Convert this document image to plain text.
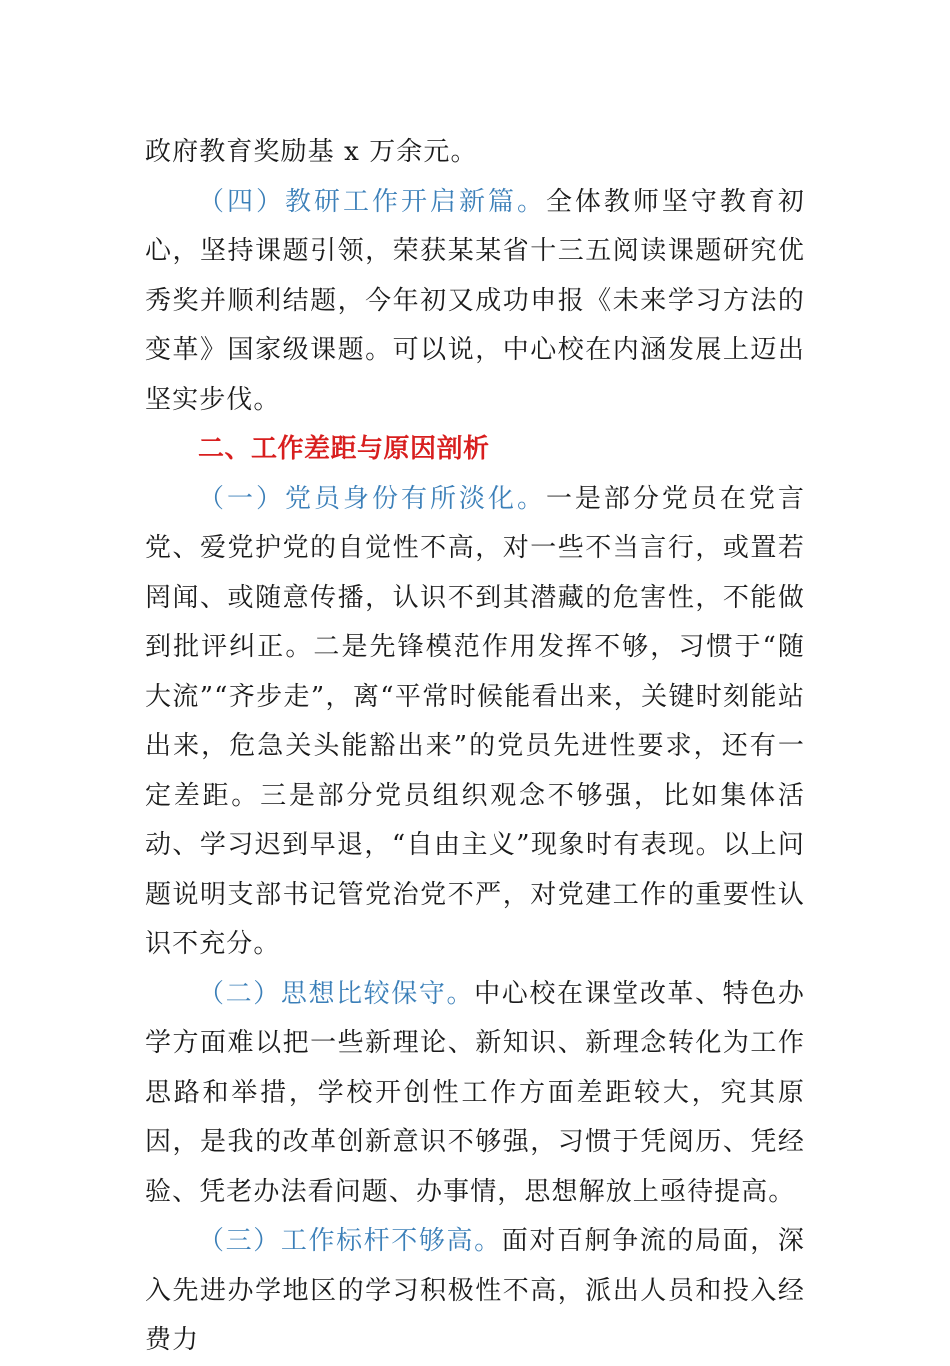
政府教育奖励基 x 万余元。

（四）教研工作开启新篇。全体教师坚守教育初心，坚持课题引领，荣获某某省十三五阅读课题研究优秀奖并顺利结题，今年初又成功申报《未来学习方法的变革》国家级课题。可以说，中心校在内涵发展上迈出坚实步伐。

二、工作差距与原因剖析

（一）党员身份有所淡化。一是部分党员在党言党、爱党护党的自觉性不高，对一些不当言行，或置若罔闻、或随意传播，认识不到其潜藏的危害性，不能做到批评纠正。二是先锋模范作用发挥不够，习惯于“随大流”“齐步走”，离“平常时候能看出来，关键时刻能站出来，危急关头能豁出来”的党员先进性要求，还有一定差距。三是部分党员组织观念不够强，比如集体活动、学习迟到早退，“自由主义”现象时有表现。以上问题说明支部书记管党治党不严，对党建工作的重要性认识不充分。

（二）思想比较保守。中心校在课堂改革、特色办学方面难以把一些新理论、新知识、新理念转化为工作思路和举措，学校开创性工作方面差距较大，究其原因，是我的改革创新意识不够强，习惯于凭阅历、凭经验、凭老办法看问题、办事情，思想解放上亟待提高。

（三）工作标杆不够高。面对百舸争流的局面，深入先进办学地区的学习积极性不高，派出人员和投入经费力
